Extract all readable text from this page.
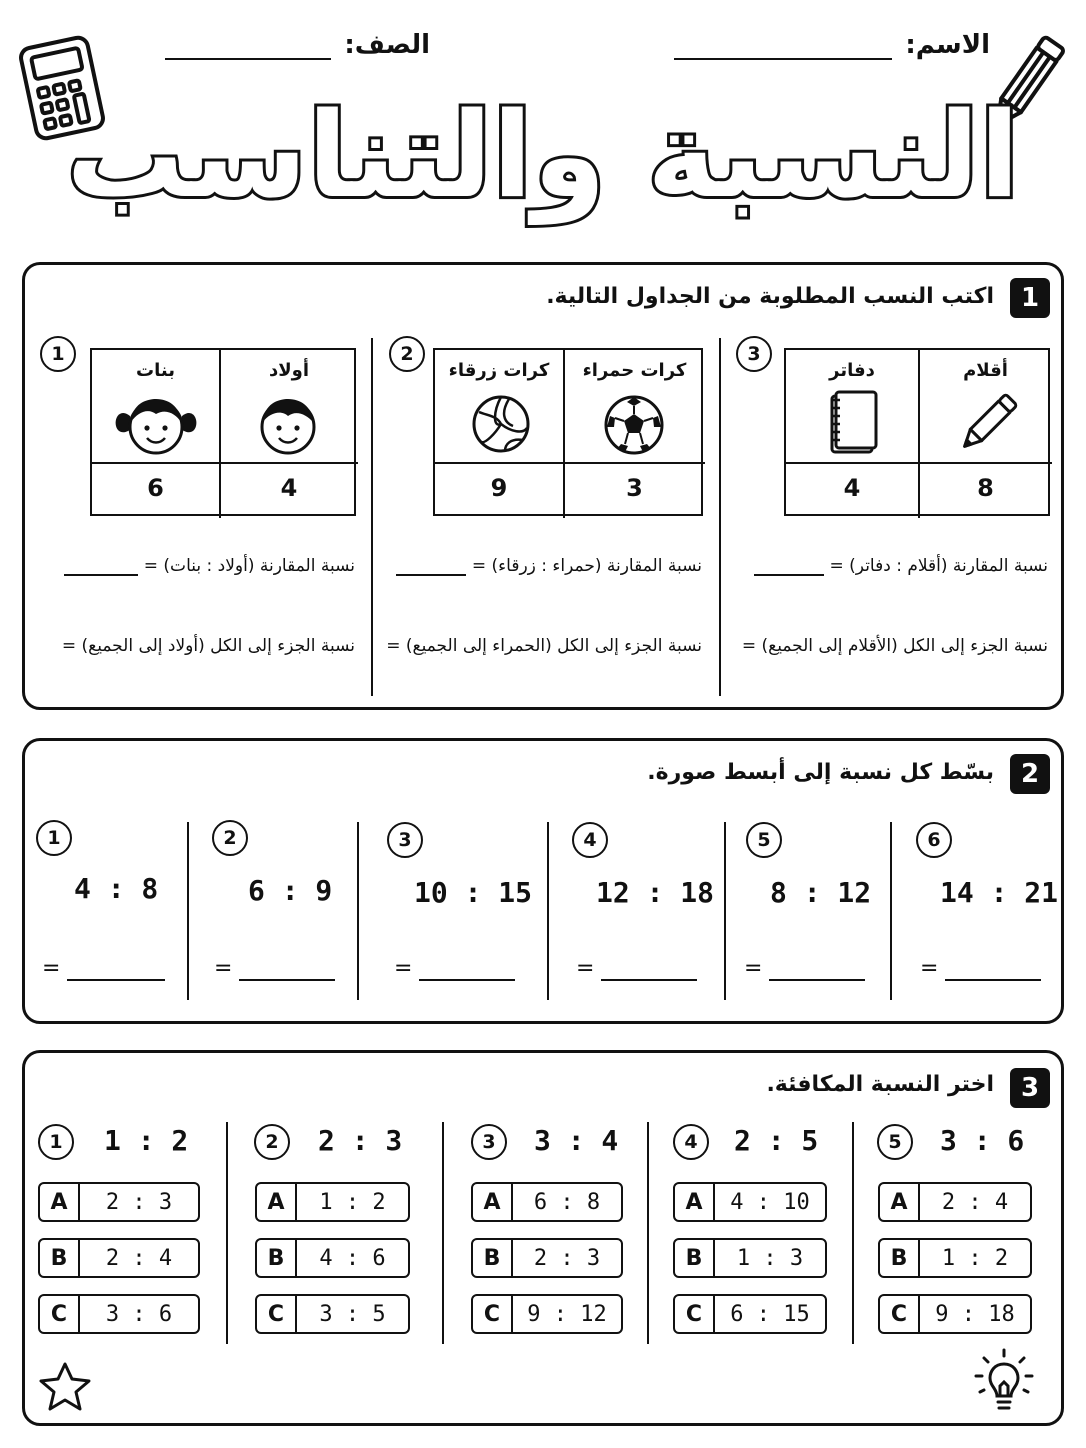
الاسم:
الصف:
النسبة والتناسب
1
اكتب النسب المطلوبة من الجداول التالية.
3
أقلام
دفاتر
8
4
نسبة المقارنة (أقلام : دفاتر) =
نسبة الجزء إلى الكل (الأقلام إلى الجميع) =
2
كرات حمراء
كرات زرقاء
3
9
نسبة المقارنة (حمراء : زرقاء) =
نسبة الجزء إلى الكل (الحمراء إلى الجميع) =
1
أولاد
بنات
4
6
نسبة المقارنة (أولاد : بنات) =
نسبة الجزء إلى الكل (أولاد إلى الجميع) =
2
بسّط كل نسبة إلى أبسط صورة.
1
4 : 8
=
2
6 : 9
=
3
10 : 15
=
4
12 : 18
=
5
8 : 12
=
6
14 : 21
=
3
اختر النسبة المكافئة.
1	1 : 2
A	2 : 3
B	2 : 4
C	3 : 6
2	2 : 3
A	1 : 2
B	4 : 6
C	3 : 5
3	3 : 4
A	6 : 8
B	2 : 3
C	9 : 12
4	2 : 5
A	4 : 10
B	1 : 3
C	6 : 15
5	3 : 6
A	2 : 4
B	1 : 2
C	9 : 18
